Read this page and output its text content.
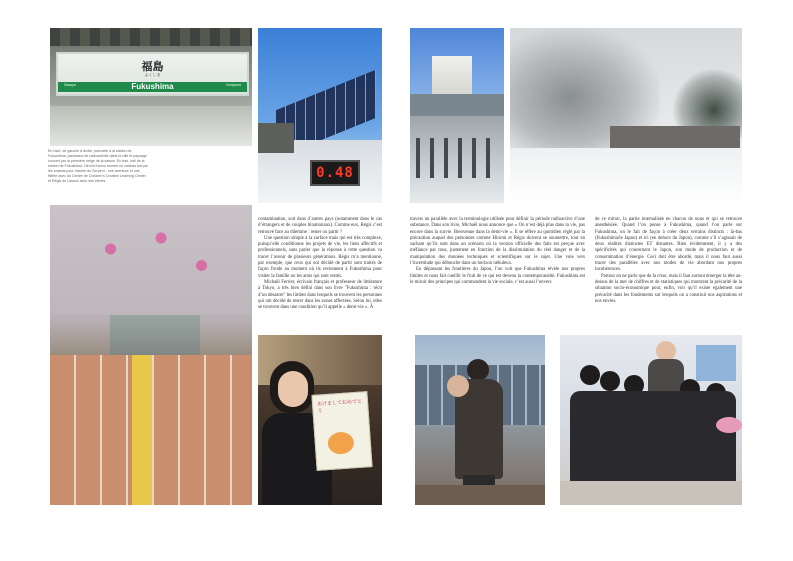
福島
ふくしま
Fukushima
Sasaya	Koriyama
En haut, de gauche à droite, pancarte à la station de Fukushima, panneaux de radioactivité dans la ville et paysage couvert par la première neige de la saison. En bas, hall de la station de Fukushima, Hiromi Kanno montre un cadeau fait par les enfants pour l’année du Serpent ; une aventure et une fillette avec du Centre de Children’s Creative Learning Center et Régis de Lasson avec ses élèves.	0.48

contamination, soit dans d’autres pays (notamment dans le cas d’étrangers et de couples binationaux). Comme eux, Régis c’est retrouvé face au dilemme : rester ou partir ?

Une question simple à la surface mais qui est très complexe, puisqu’elle conditionne les projets de vie, les liens affectifs et professionnels, sans parler que la réponse à cette question va tracer l’avenir de plusieurs générations. Régis m’a mentionné, par exemple, que ceux qui ont décidé de partir sont traités de façon froide au moment où ils reviennent à Fukushima pour visiter la famille ou les amis qui sont restés.

Michaël Ferrier, écrivain français et professeur de littérature à Tokyo, a très bien défini dans son livre "Fukushima : récit d’un désastre" les limbes dans lesquels se trouvent les personnes qui ont décidé de rester dans les zones affectées. Selon lui, elles se trouvent dans une condition qu’il appelle « demi-vie ». À

あけましておめでとう

travers un parallèle avec la terminologie utilisée pour définir la période radioactive d’une substance, Dans son livre, Michaël nous annonce que « On n’est déjà plus dans la vie, pas encore dans la survie. Bienvenue dans la demi-vie ». Il se réfère au quotidien réglé par la précaution auquel des personnes comme Hiromi et Régis doivent se soumettre, tout en sachant qu’ils sont dans un scénario où la version officielle des faits est perçue avec méfiance par tous, justement en fonction de la dissimulation du réel danger et de la manipulation des données techniques et scientifiques sur le sujet. Une voie vers l’incertitude qui débouche dans un horizon nébuleux.

En dépassant les frontières du Japon, l’on voit que Fukushima révèle nos propres limites et nous fait cueillir le fruit de ce qui est devenu la contemporanéité. Fukushima est le miroir des principes qui commandent la vie sociale, c’est aussi l’envers

de ce miroir, la partie internalisée en chacun de nous et qui se retrouve anesthésiée. Quand l’on pense à Fukushima, quand l’on parle sur Fukushima, on le fait de façon à créer deux terrains distincts : là-bas (Fukushima/le Japon) et ici (en dehors du Japon), comme s’il s’agissait de deux réalités distinctes ET distantes. Bien évidemment, il y a des spécificités qui concernent le Japon, son mode de production et de consommation d’énergie. Ceci doit être abordé, mais il nous faut aussi tracer des parallèles avec nos modes de vie abordant nos propres incohérences.

Partout on ne parle que de la crise, mais il faut surtout émerger la tête au-dessus de la mer de chiffres et de statistiques qui montrent la précarité de la situation socio-économique pour, enfin, voir qu’il existe également une précarité dans les fondements sur lesquels on a construit nos aspirations et nos envies.
